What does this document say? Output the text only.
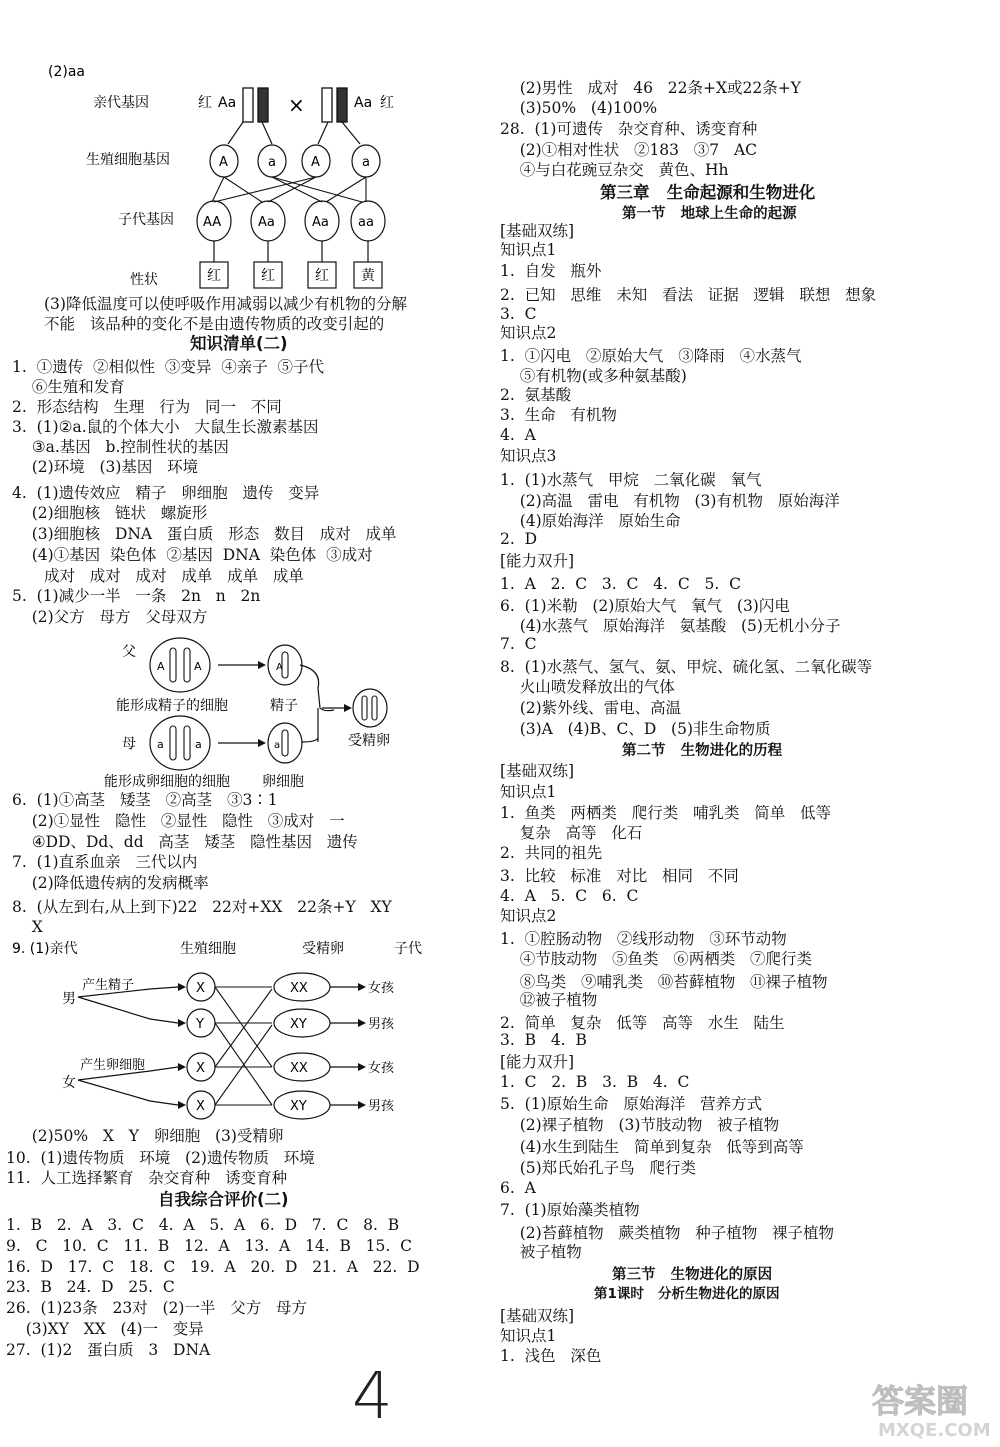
(2)aa
亲代基因
生殖细胞基因
子代基因
性状
红 Aa	×	Aa 红
A	a	A	a
AA	Aa	Aa aa
红	红	红 黄
(3)降低温度可以使呼吸作用减弱以减少有机物的分解
不能   该品种的变化不是由遗传物质的改变引起的
知识清单(二)
1.  ①遗传  ②相似性  ③变异  ④亲子  ⑤子代
⑥生殖和发育
2.  形态结构   生理   行为   同一   不同
3.  (1)②a.鼠的个体大小   大鼠生长激素基因
③a.基因   b.控制性状的基因
(2)环境   (3)基因   环境
4.  (1)遗传效应   精子   卵细胞   遗传   变异
(2)细胞核   链状   螺旋形
(3)细胞核   DNA   蛋白质   形态   数目   成对   成单
(4)①基因  染色体  ②基因  DNA  染色体  ③成对
成对   成对   成对   成单   成单   成单
5.  (1)减少一半   一条   2n   n   2n
(2)父方   母方   父母双方
父
A	A	A
能形成精子的细胞	精子
受精卵
母 a	a	a
能形成卵细胞的细胞 卵细胞
6.  (1)①高茎   矮茎   ②高茎   ③3∶1
(2)①显性   隐性   ②显性   隐性   ③成对   一
④DD、Dd、dd   高茎   矮茎   隐性基因   遗传
7.  (1)直系血亲   三代以内
(2)降低遗传病的发病概率
8.  (从左到右,从上到下)22   22对+XX   22条+Y   XY
X
9. (1)亲代	生殖细胞	受精卵	子代
男
产生精子
女
产生卵细胞
X
Y
X
X
XX
XY
XX
XY
女孩
男孩
女孩
男孩
(2)50%   X   Y   卵细胞   (3)受精卵
10.  (1)遗传物质   环境   (2)遗传物质   环境
11.  人工选择繁育   杂交育种   诱变育种
自我综合评价(二)
1.  B   2.  A   3.  C   4.  A   5.  A   6.  D   7.  C   8.  B
9.   C   10.  C   11.  B   12.  A   13.  A   14.  B   15.  C
16.  D   17.  C   18.  C   19.  A   20.  D   21.  A   22.  D
23.  B   24.  D   25.  C
26.  (1)23条   23对   (2)一半   父方   母方
(3)XY   XX   (4)一   变异
27.  (1)2   蛋白质   3   DNA
4
(2)男性   成对   46   22条+X或22条+Y
(3)50%   (4)100%
28.  (1)可遗传   杂交育种、诱变育种
(2)①相对性状   ②183   ③7   AC
④与白花豌豆杂交   黄色、Hh
第三章   生命起源和生物进化
第一节   地球上生命的起源
[基础双练]
知识点1
1.  自发   瓶外
2.  已知   思维   未知   看法   证据   逻辑   联想   想象
3.  C
知识点2
1.  ①闪电   ②原始大气   ③降雨   ④水蒸气
⑤有机物(或多种氨基酸)
2.  氨基酸
3.  生命   有机物
4.  A
知识点3
1.  (1)水蒸气   甲烷   二氧化碳   氧气
(2)高温   雷电   有机物   (3)有机物   原始海洋
(4)原始海洋   原始生命
2.  D
[能力双升]
1.  A   2.  C   3.  C   4.  C   5.  C
6.  (1)米勒   (2)原始大气   氧气   (3)闪电
(4)水蒸气   原始海洋   氨基酸   (5)无机小分子
7.  C
8.  (1)水蒸气、氢气、氨、甲烷、硫化氢、二氧化碳等
火山喷发释放出的气体
(2)紫外线、雷电、高温
(3)A   (4)B、C、D   (5)非生命物质
第二节   生物进化的历程
[基础双练]
知识点1
1.  鱼类   两栖类   爬行类   哺乳类   简单   低等
复杂   高等   化石
2.  共同的祖先
3.  比较   标准   对比   相同   不同
4.  A   5.  C   6.  C
知识点2
1.  ①腔肠动物   ②线形动物   ③环节动物
④节肢动物   ⑤鱼类   ⑥两栖类   ⑦爬行类
⑧鸟类   ⑨哺乳类   ⑩苔藓植物   ⑪裸子植物
⑫被子植物
2.  简单   复杂   低等   高等   水生   陆生
3.  B   4.  B
[能力双升]
1.  C   2.  B   3.  B   4.  C
5.  (1)原始生命   原始海洋   营养方式
(2)裸子植物   (3)节肢动物   被子植物
(4)水生到陆生   简单到复杂   低等到高等
(5)郑氏始孔子鸟   爬行类
6.  A
7.  (1)原始藻类植物
(2)苔藓植物   蕨类植物   种子植物   裸子植物
被子植物
第三节   生物进化的原因
第1课时   分析生物进化的原因
[基础双练]
知识点1
1.  浅色   深色
答案圈
MXQE.COM
